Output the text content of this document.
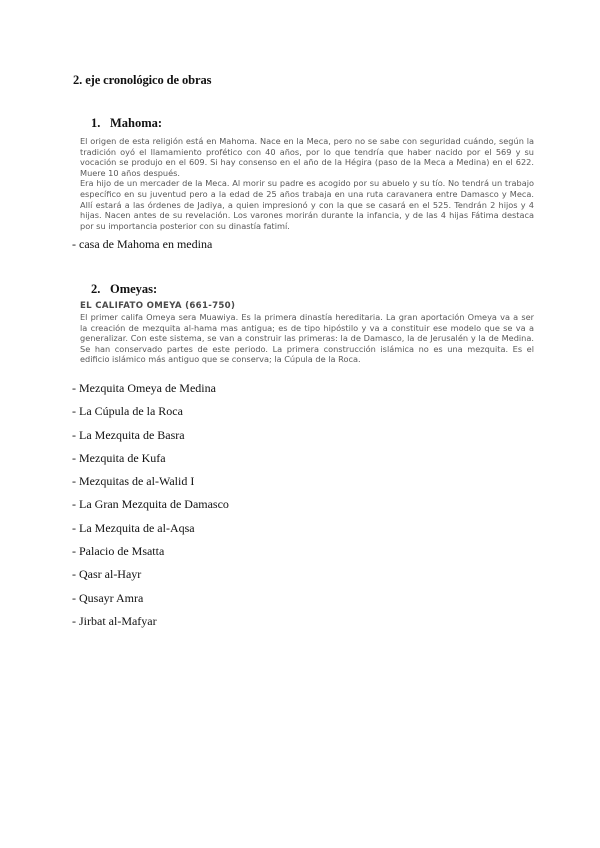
2. eje cronológico de obras
1. Mahoma:

El origen de esta religión está en Mahoma. Nace en la Meca, pero no se sabe con seguridad cuándo, según la tradición oyó el llamamiento profético con 40 años, por lo que tendría que haber nacido por el 569 y su vocación se produjo en el 609. Si hay consenso en el año de la Hégira (paso de la Meca a Medina) en el 622. Muere 10 años después.

Era hijo de un mercader de la Meca. Al morir su padre es acogido por su abuelo y su tío. No tendrá un trabajo específico en su juventud pero a la edad de 25 años trabaja en una ruta caravanera entre Damasco y Meca. Allí estará a las órdenes de Jadiya, a quien impresionó y con la que se casará en el 525. Tendrán 2 hijos y 4 hijas. Nacen antes de su revelación. Los varones morirán durante la infancia, y de las 4 hijas Fátima destaca por su importancia posterior con su dinastía fatimí.

- casa de Mahoma en medina
2. Omeyas:

EL CALIFATO OMEYA (661-750)

El primer califa Omeya sera Muawiya. Es la primera dinastía hereditaria. La gran aportación Omeya va a ser la creación de mezquita al-hama mas antigua; es de tipo hipóstilo y va a constituir ese modelo que se va a generalizar. Con este sistema, se van a construir las primeras: la de Damasco, la de Jerusalén y la de Medina. Se han conservado partes de este periodo. La primera construcción islámica no es una mezquita. Es el edificio islámico más antiguo que se conserva; la Cúpula de la Roca.

- Mezquita Omeya de Medina
- La Cúpula de la Roca
- La Mezquita de Basra
- Mezquita de Kufa
- Mezquitas de al-Walid I
- La Gran Mezquita de Damasco
- La Mezquita de al-Aqsa
- Palacio de Msatta
- Qasr al-Hayr
- Qusayr Amra
- Jirbat al-Mafyar
